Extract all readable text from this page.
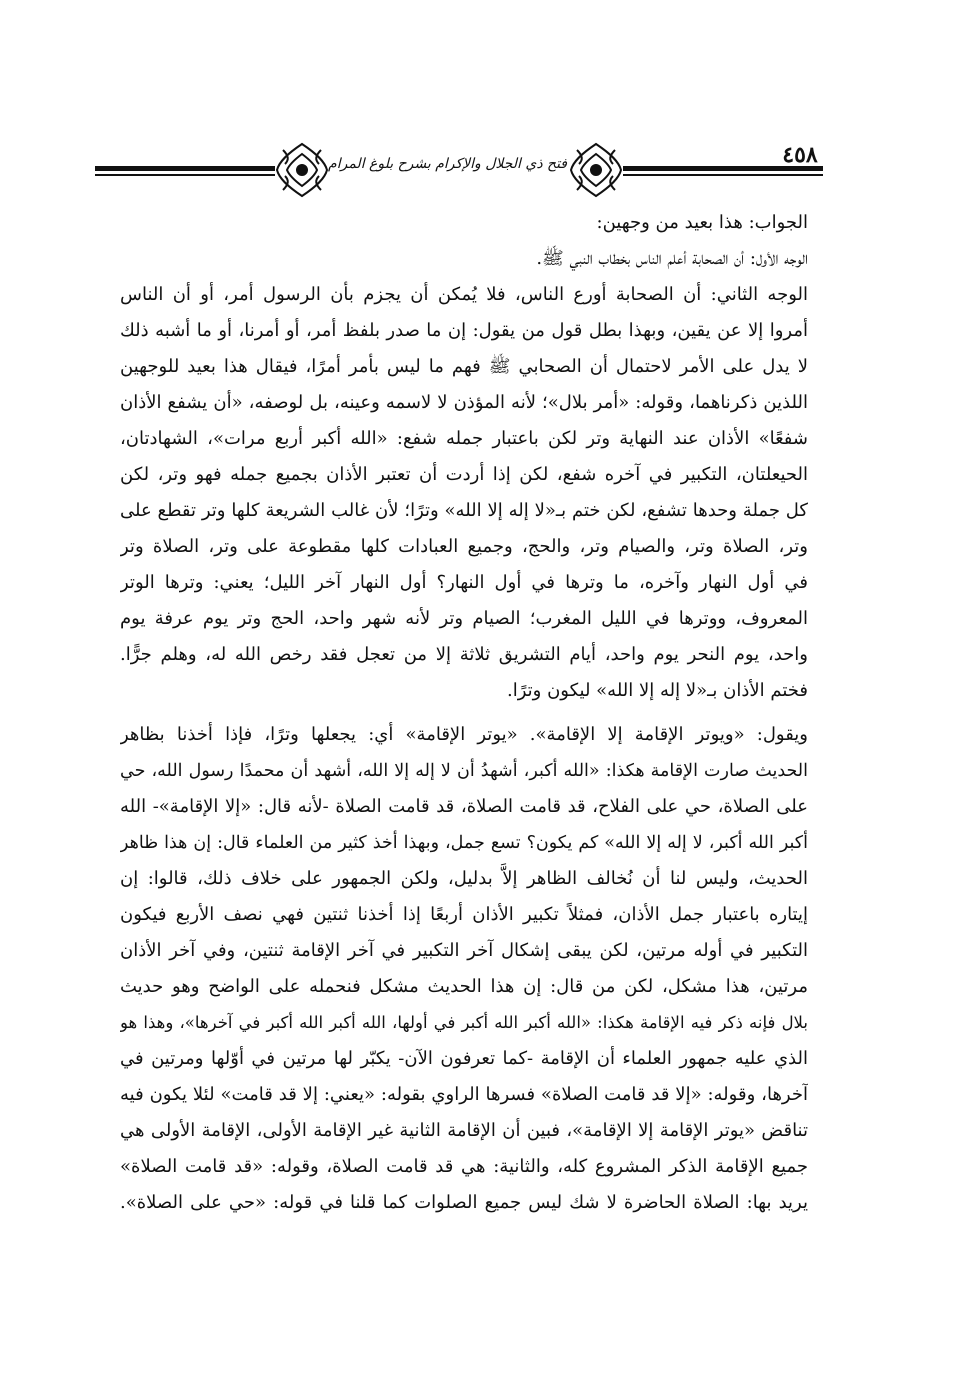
فتح ذي الجلال والإكرام بشرح بلوغ المرام	٤٥٨
الجواب: هذا بعيد من وجهين:
الوجه الأول: أن الصحابة أعلم الناس بخطاب النبي ﷺ.
الوجه الثاني: أن الصحابة أورع الناس، فلا يُمكن أن يجزم بأن الرسول أمر، أو أن الناس
أمروا إلا عن يقين، وبهذا بطل قول من يقول: إن ما صدر بلفظ أمر، أو أمرنا، أو ما أشبه ذلك
لا يدل على الأمر لاحتمال أن الصحابي ﷺ فهم ما ليس بأمر أمرًا، فيقال هذا بعيد للوجهين
اللذين ذكرناهما، وقوله: «أمر بلال»؛ لأنه المؤذن لا لاسمه وعينه، بل لوصفه، «أن يشفع الأذان
شفعًا» الأذان عند النهاية وتر لكن باعتبار جمله شفع: «الله أكبر أربع مرات»، الشهادتان،
الحيعلتان، التكبير في آخره شفع، لكن إذا أردت أن تعتبر الأذان بجميع جمله فهو وتر، لكن
كل جملة وحدها تشفع، لكن ختم بـ«لا إله إلا الله» وترًا؛ لأن غالب الشريعة كلها وتر تقطع على
وتر، الصلاة وتر، والصيام وتر، والحج، وجميع العبادات كلها مقطوعة على وتر، الصلاة وتر
في أول النهار وآخره، ما وترها في أول النهار؟ أول النهار آخر الليل؛ يعني: وترها الوتر
المعروف، ووترها في الليل المغرب؛ الصيام وتر لأنه شهر واحد، الحج وتر يوم عرفة يوم
واحد، يوم النحر يوم واحد، أيام التشريق ثلاثة إلا من تعجل فقد رخص الله له، وهلم جرًّا.
فختم الأذان بـ«لا إله إلا الله» ليكون وترًا.
ويقول: «ويوتر الإقامة إلا الإقامة». «يوتر الإقامة» أي: يجعلها وترًا، فإذا أخذنا بظاهر
الحديث صارت الإقامة هكذا: «الله أكبر، أشهدُ أن لا إله إلا الله، أشهد أن محمدًا رسول الله، حي
على الصلاة، حي على الفلاح، قد قامت الصلاة، قد قامت الصلاة -لأنه قال: «إلا الإقامة»- الله
أكبر الله أكبر، لا إله إلا الله» كم يكون؟ تسع جمل، وبهذا أخذ كثير من العلماء قال: إن هذا ظاهر
الحديث، وليس لنا أن نُخالف الظاهر إلاَّ بدليل، ولكن الجمهور على خلاف ذلك، قالوا: إن
إيتاره باعتبار جمل الأذان، فمثلاً تكبير الأذان أربعًا إذا أخذنا ثنتين فهي نصف الأربع فيكون
التكبير في أوله مرتين، لكن يبقى إشكال آخر التكبير في آخر الإقامة ثنتين، وفي آخر الأذان
مرتين، هذا مشكل، لكن من قال: إن هذا الحديث مشكل فنحمله على الواضح وهو حديث
بلال فإنه ذكر فيه الإقامة هكذا: «الله أكبر الله أكبر في أولها، الله أكبر الله أكبر في آخرها»، وهذا هو
الذي عليه جمهور العلماء أن الإقامة -كما تعرفون الآن- يكبّر لها مرتين في أوّلها ومرتين في
آخرها، وقوله: «إلا قد قامت الصلاة» فسرها الراوي بقوله: «يعني: إلا قد قامت» لئلا يكون فيه
تناقض «يوتر الإقامة إلا الإقامة»، فبين أن الإقامة الثانية غير الإقامة الأولى، الإقامة الأولى هي
جميع الإقامة الذكر المشروع كله، والثانية: هي قد قامت الصلاة، وقوله: «قد قامت الصلاة»
يريد بها: الصلاة الحاضرة لا شك ليس جميع الصلوات كما قلنا في قوله: «حي على الصلاة».
